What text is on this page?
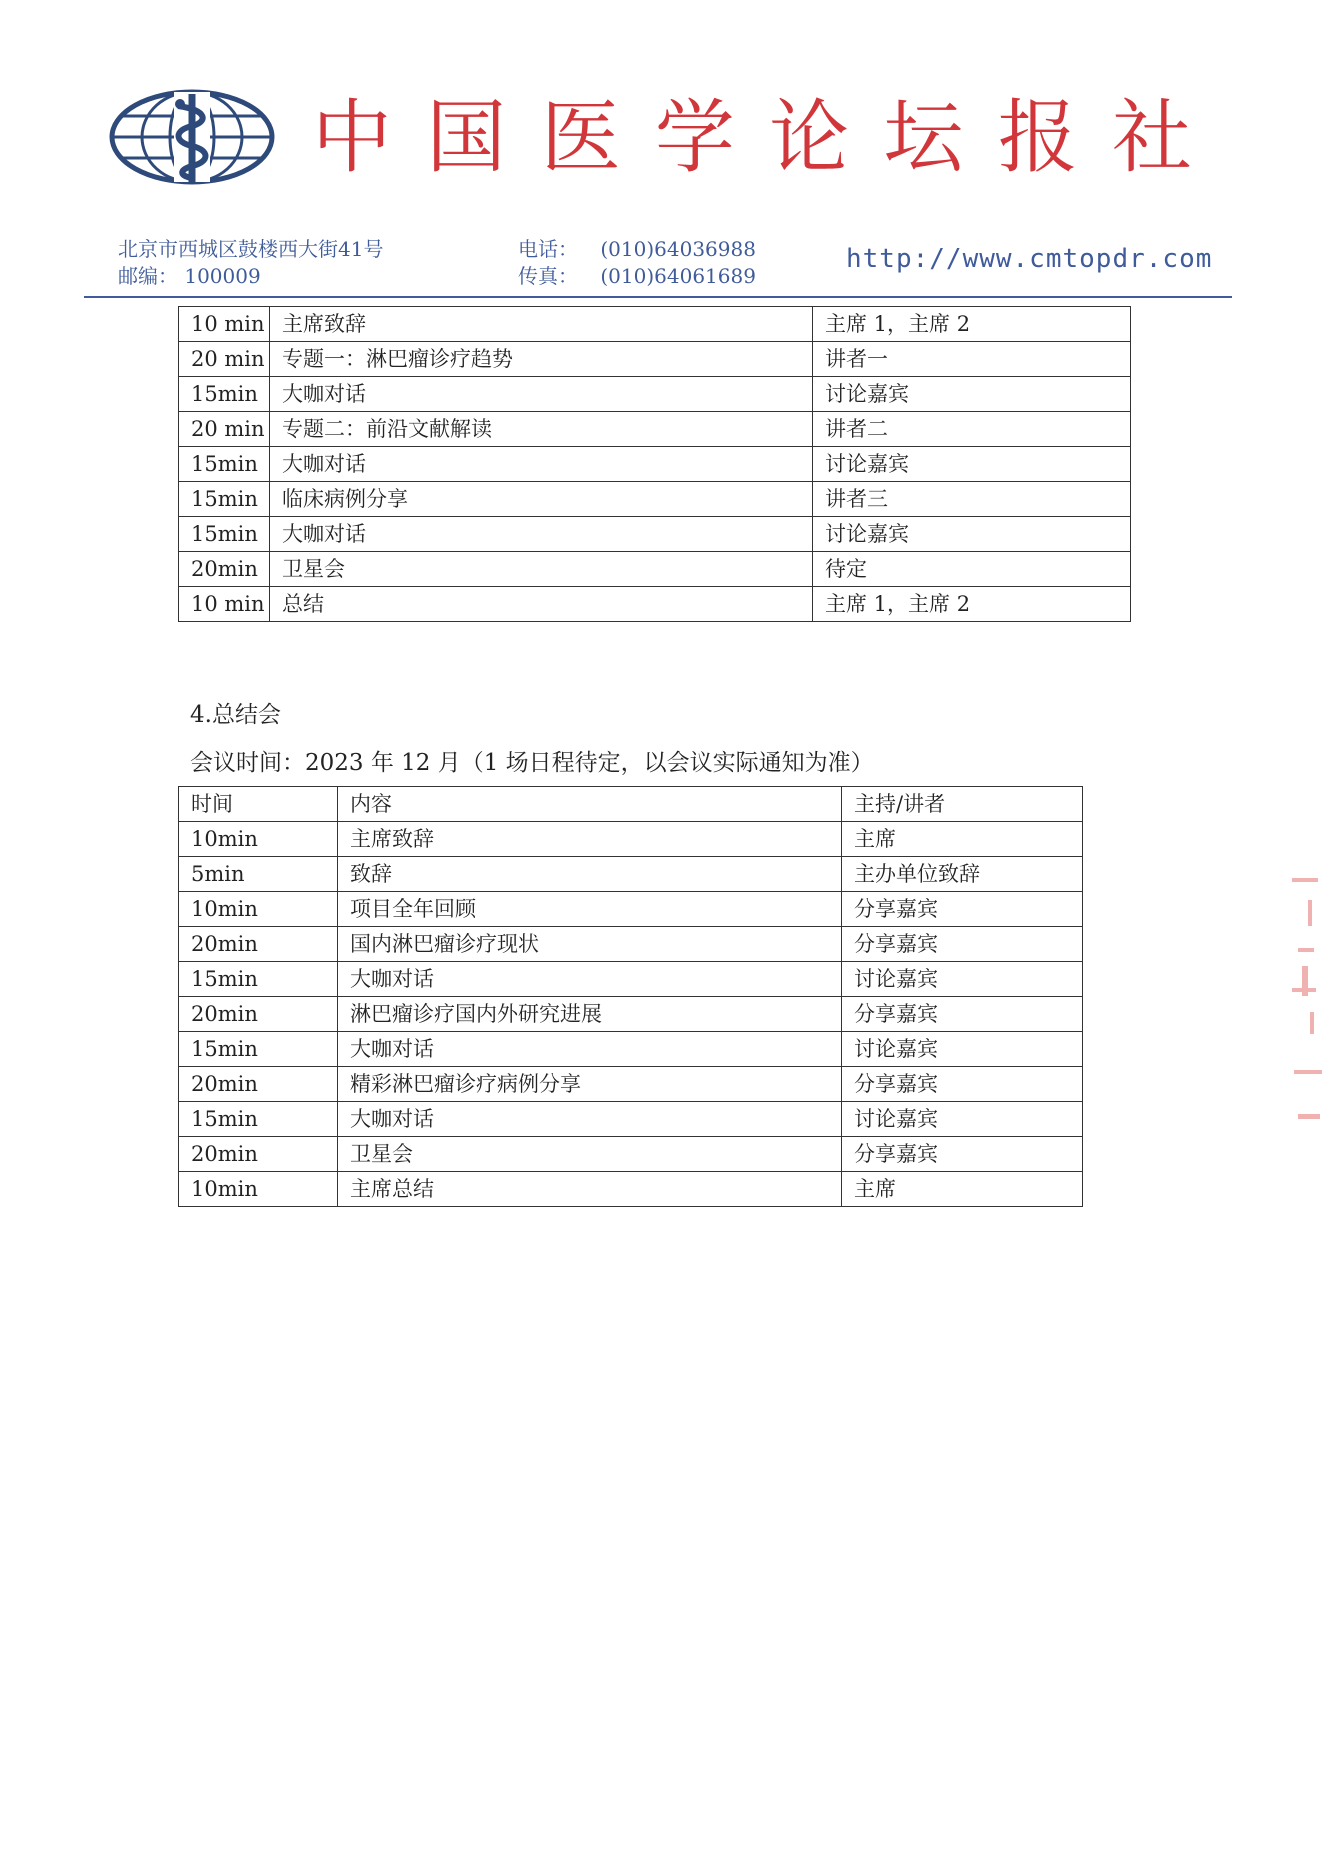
中 国 医 学 论 坛 报 社
北京市西城区鼓楼西大街41号
邮编： 100009
电话： (010)64036988
传真： (010)64061689
http://www.cmtopdr.com
10 min	主席致辞	主席 1，主席 2
20 min	专题一：淋巴瘤诊疗趋势	讲者一
15min	大咖对话	讨论嘉宾
20 min	专题二：前沿文献解读	讲者二
15min	大咖对话	讨论嘉宾
15min	临床病例分享	讲者三
15min	大咖对话	讨论嘉宾
20min	卫星会	待定
10 min	总结	主席 1，主席 2
4.总结会
会议时间：2023 年 12 月（1 场日程待定，以会议实际通知为准）
时间	内容	主持/讲者
10min	主席致辞	主席
5min	致辞	主办单位致辞
10min	项目全年回顾	分享嘉宾
20min	国内淋巴瘤诊疗现状	分享嘉宾
15min	大咖对话	讨论嘉宾
20min	淋巴瘤诊疗国内外研究进展	分享嘉宾
15min	大咖对话	讨论嘉宾
20min	精彩淋巴瘤诊疗病例分享	分享嘉宾
15min	大咖对话	讨论嘉宾
20min	卫星会	分享嘉宾
10min	主席总结	主席
